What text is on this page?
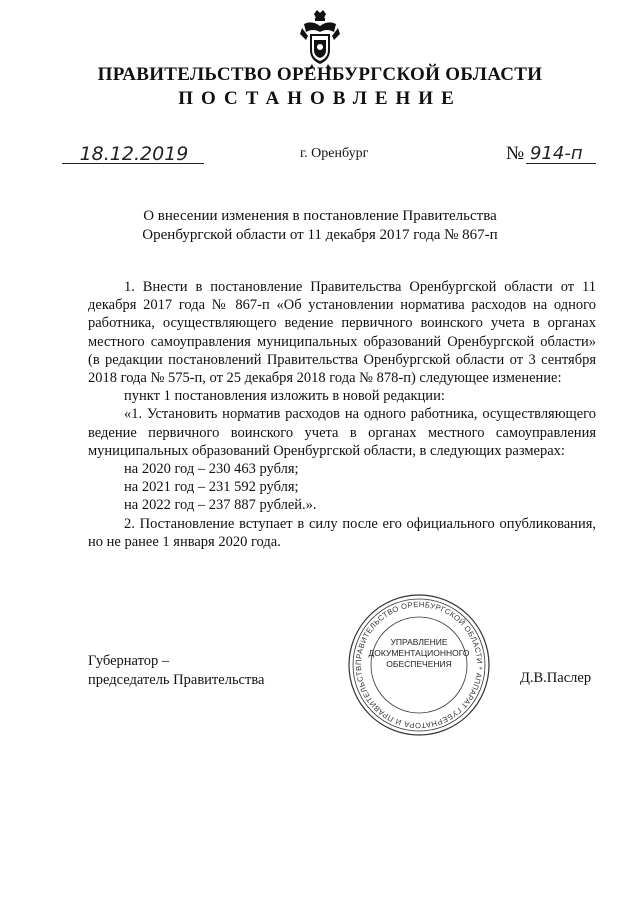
ПРАВИТЕЛЬСТВО ОРЕНБУРГСКОЙ ОБЛАСТИ
ПОСТАНОВЛЕНИЕ
18.12.2019	г. Оренбург	№ 914-п
О внесении изменения в постановление Правительства
Оренбургской области от 11 декабря 2017 года № 867-п

1. Внести в постановление Правительства Оренбургской области от 11 декабря 2017 года № 867-п «Об установлении норматива расходов на одного работника, осуществляющего ведение первичного воинского учета в органах местного самоуправления муниципальных образований Оренбургской области» (в редакции постановлений Правительства Оренбургской области от 3 сентября 2018 года № 575-п, от 25 декабря 2018 года № 878-п) следующее изменение:

пункт 1 постановления изложить в новой редакции:

«1. Установить норматив расходов на одного работника, осуществляющего ведение первичного воинского учета в органах местного самоуправления муниципальных образований Оренбургской области, в следующих размерах:

на 2020 год – 230 463 рубля;

на 2021 год – 231 592 рубля;

на 2022 год – 237 887 рублей.».

2. Постановление вступает в силу после его официального опубликования, но не ранее 1 января 2020 года.

Губернатор –
председатель Правительства	Д.В.Паслер
ПРАВИТЕЛЬСТВО ОРЕНБУРГСКОЙ ОБЛАСТИ * АППАРАТ ГУБЕРНАТОРА И ПРАВИТЕЛЬСТВ
УПРАВЛЕНИЕ
ДОКУМЕНТАЦИОННОГО
ОБЕСПЕЧЕНИЯ
